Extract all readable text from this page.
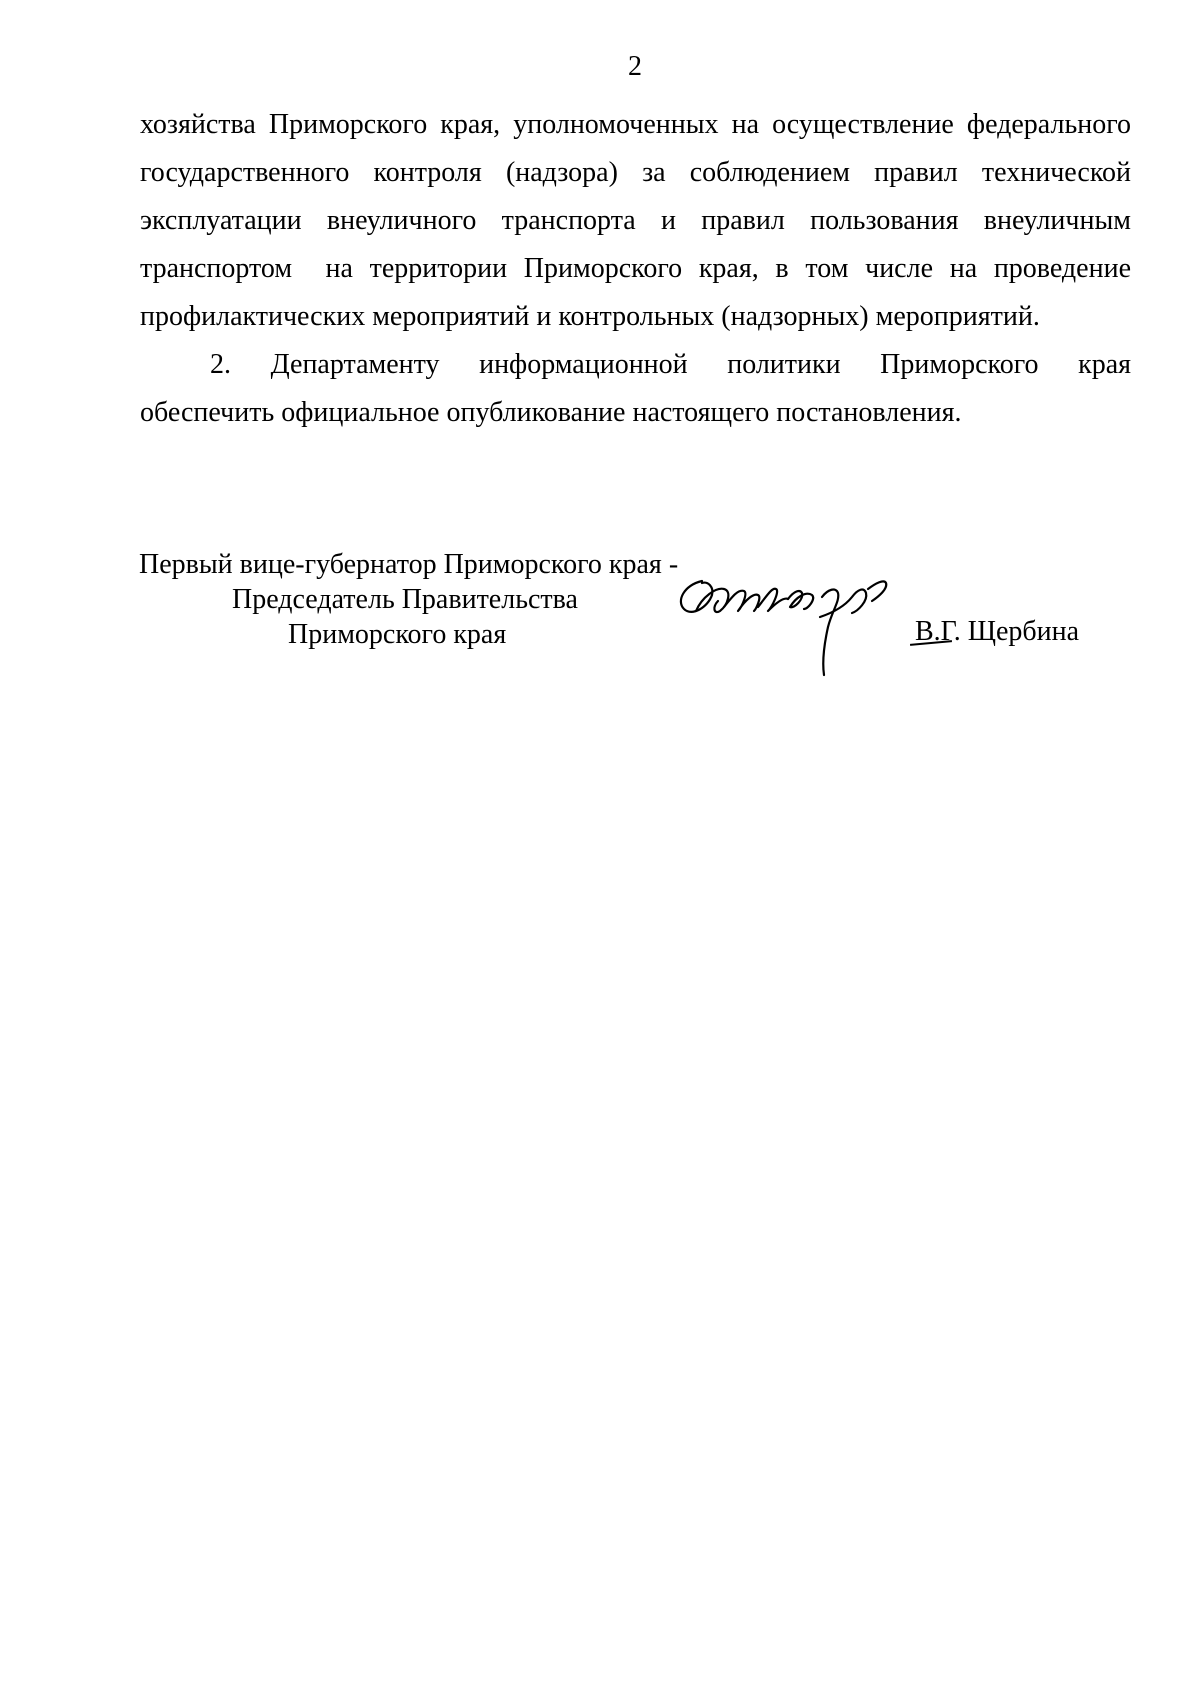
2
хозяйства Приморского края, уполномоченных на осуществление федерального
государственного контроля (надзора) за соблюдением правил технической
эксплуатации внеуличного транспорта и правил пользования внеуличным
транспортом  на территории Приморского края, в том числе на проведение
профилактических мероприятий и контрольных (надзорных) мероприятий.
2. Департаменту информационной политики Приморского края
обеспечить официальное опубликование настоящего постановления.
Первый вице-губернатор Приморского края -
Председатель Правительства
Приморского края	В.Г. Щербина
